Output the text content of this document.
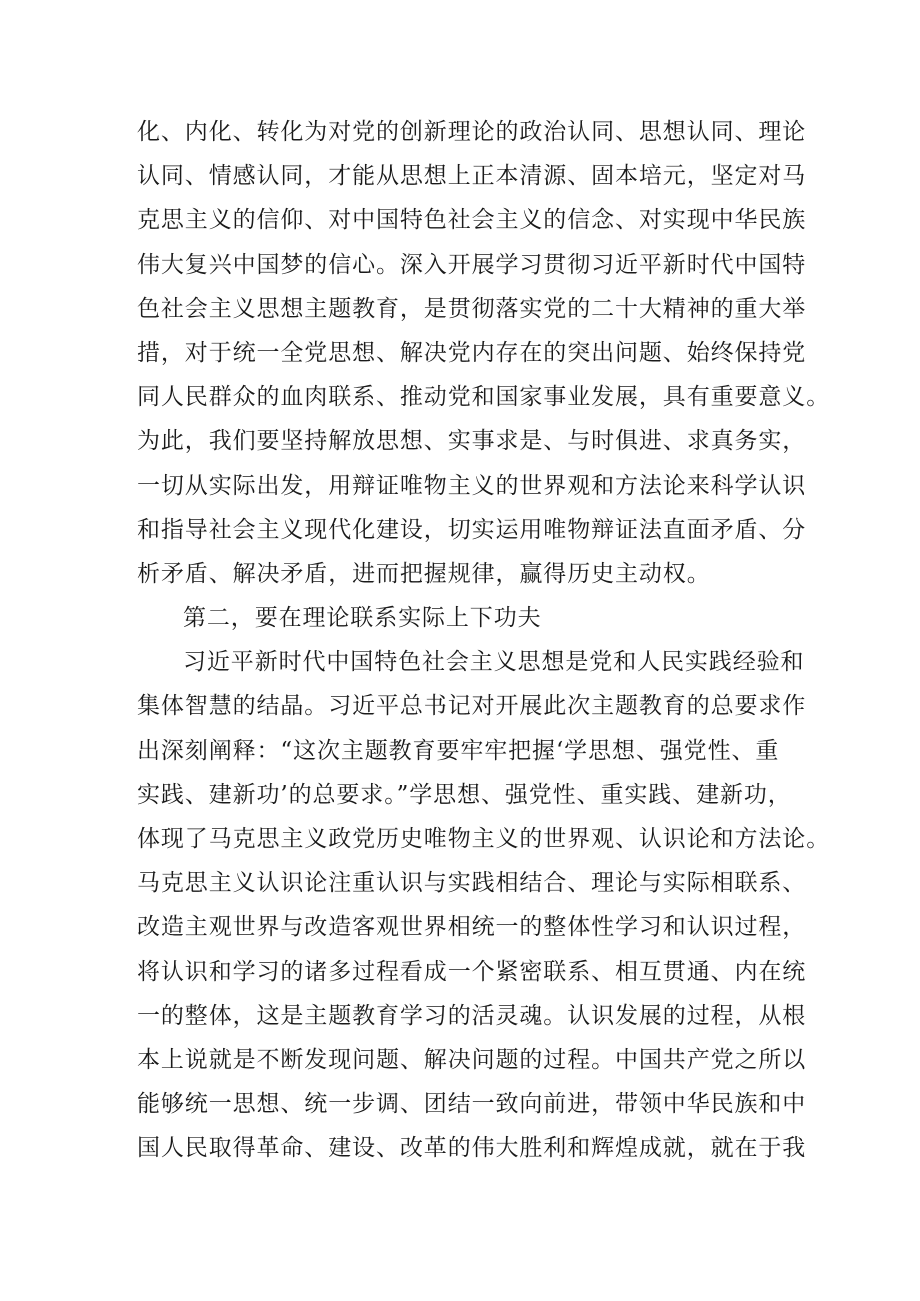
化、内化、转化为对党的创新理论的政治认同、思想认同、理论
认同、情感认同，才能从思想上正本清源、固本培元，坚定对马
克思主义的信仰、对中国特色社会主义的信念、对实现中华民族
伟大复兴中国梦的信心。深入开展学习贯彻习近平新时代中国特
色社会主义思想主题教育，是贯彻落实党的二十大精神的重大举
措，对于统一全党思想、解决党内存在的突出问题、始终保持党
同人民群众的血肉联系、推动党和国家事业发展，具有重要意义。
为此，我们要坚持解放思想、实事求是、与时俱进、求真务实，
一切从实际出发，用辩证唯物主义的世界观和方法论来科学认识
和指导社会主义现代化建设，切实运用唯物辩证法直面矛盾、分
析矛盾、解决矛盾，进而把握规律，赢得历史主动权。
第二，要在理论联系实际上下功夫
习近平新时代中国特色社会主义思想是党和人民实践经验和
集体智慧的结晶。习近平总书记对开展此次主题教育的总要求作
出深刻阐释：“这次主题教育要牢牢把握‘学思想、强党性、重
实践、建新功’的总要求。”学思想、强党性、重实践、建新功，
体现了马克思主义政党历史唯物主义的世界观、认识论和方法论。
马克思主义认识论注重认识与实践相结合、理论与实际相联系、
改造主观世界与改造客观世界相统一的整体性学习和认识过程，
将认识和学习的诸多过程看成一个紧密联系、相互贯通、内在统
一的整体，这是主题教育学习的活灵魂。认识发展的过程，从根
本上说就是不断发现问题、解决问题的过程。中国共产党之所以
能够统一思想、统一步调、团结一致向前进，带领中华民族和中
国人民取得革命、建设、改革的伟大胜利和辉煌成就，就在于我
